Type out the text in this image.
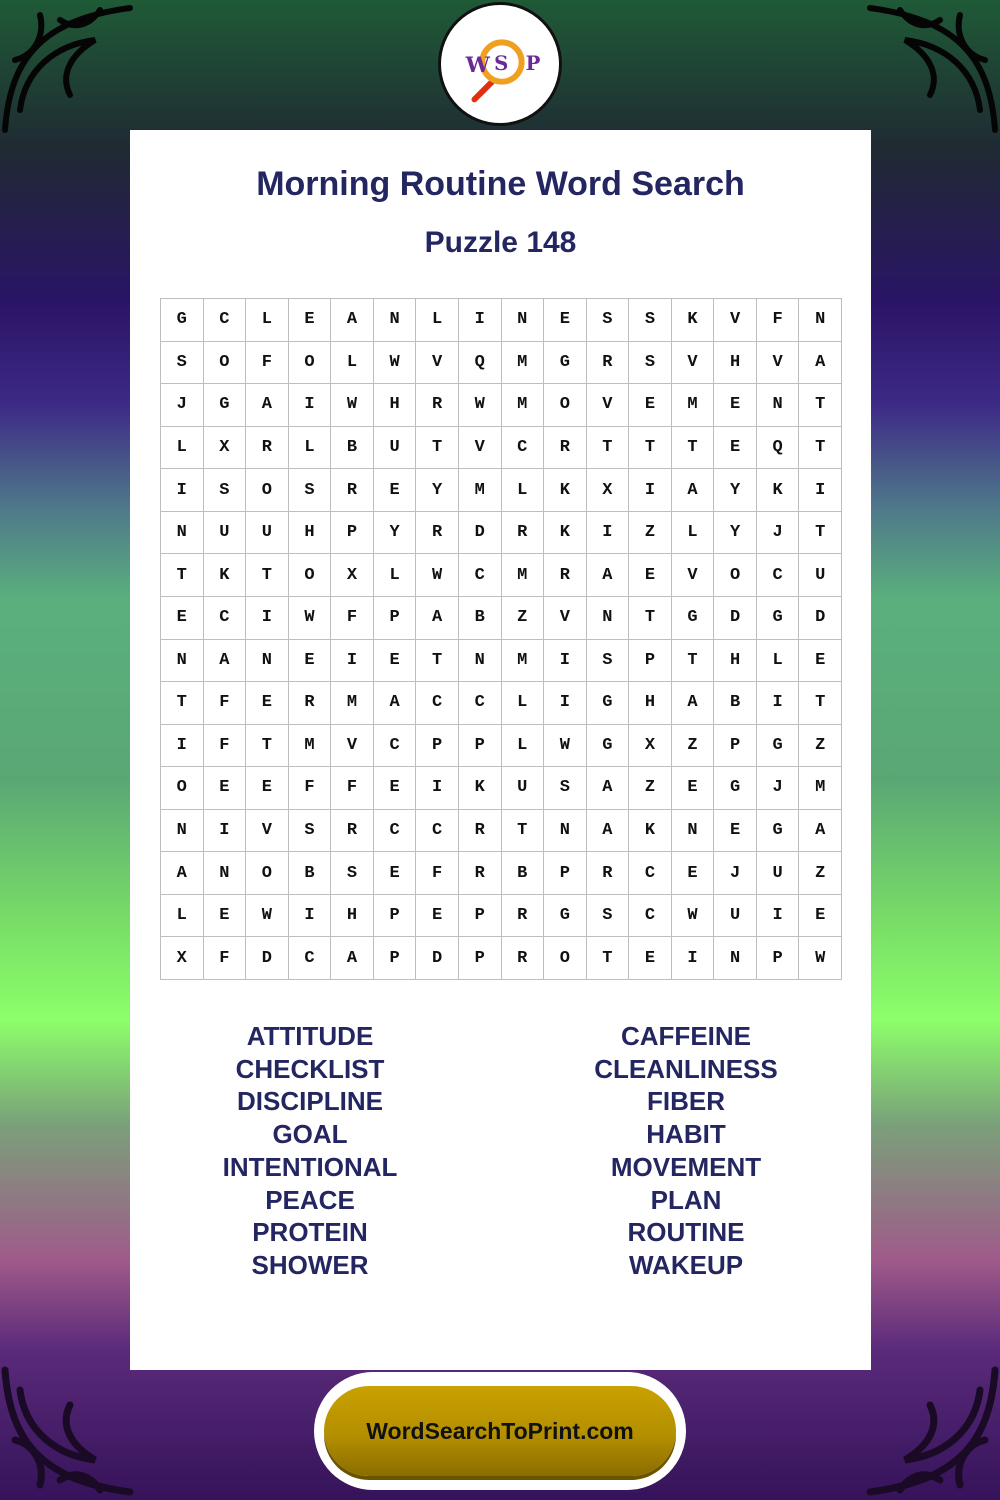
W S P
Morning Routine Word Search
Puzzle 148
G	C	L	E	A	N	L	I	N	E	S	S	K	V	F	N
S	O	F	O	L	W	V	Q	M	G	R	S	V	H	V	A
J	G	A	I	W	H	R	W	M	O	V	E	M	E	N	T
L	X	R	L	B	U	T	V	C	R	T	T	T	E	Q	T
I	S	O	S	R	E	Y	M	L	K	X	I	A	Y	K	I
N	U	U	H	P	Y	R	D	R	K	I	Z	L	Y	J	T
T	K	T	O	X	L	W	C	M	R	A	E	V	O	C	U
E	C	I	W	F	P	A	B	Z	V	N	T	G	D	G	D
N	A	N	E	I	E	T	N	M	I	S	P	T	H	L	E
T	F	E	R	M	A	C	C	L	I	G	H	A	B	I	T
I	F	T	M	V	C	P	P	L	W	G	X	Z	P	G	Z
O	E	E	F	F	E	I	K	U	S	A	Z	E	G	J	M
N	I	V	S	R	C	C	R	T	N	A	K	N	E	G	A
A	N	O	B	S	E	F	R	B	P	R	C	E	J	U	Z
L	E	W	I	H	P	E	P	R	G	S	C	W	U	I	E
X	F	D	C	A	P	D	P	R	O	T	E	I	N	P	W
ATTITUDE
CHECKLIST
DISCIPLINE
GOAL
INTENTIONAL
PEACE
PROTEIN
SHOWER
CAFFEINE
CLEANLINESS
FIBER
HABIT
MOVEMENT
PLAN
ROUTINE
WAKEUP
WordSearchToPrint.com
